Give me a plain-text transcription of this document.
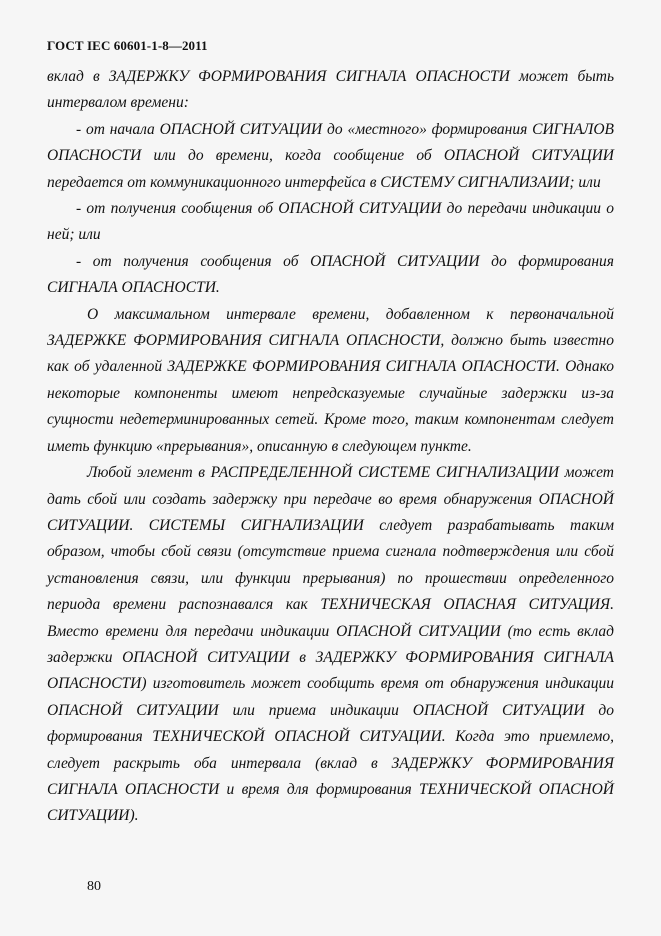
ГОСТ IEC 60601-1-8—2011
вклад в ЗАДЕРЖКУ ФОРМИРОВАНИЯ СИГНАЛА ОПАСНОСТИ может быть
интервалом времени:
- от начала ОПАСНОЙ СИТУАЦИИ до «местного» формирования СИГНАЛОВ
ОПАСНОСТИ или до времени, когда сообщение об ОПАСНОЙ СИТУАЦИИ
передается от коммуникационного интерфейса в СИСТЕМУ СИГНАЛИЗАИИ; или
- от получения сообщения об ОПАСНОЙ СИТУАЦИИ до передачи индикации о
ней; или
- от получения сообщения об ОПАСНОЙ СИТУАЦИИ до формирования
СИГНАЛА ОПАСНОСТИ.
О максимальном интервале времени, добавленном к первоначальной
ЗАДЕРЖКЕ ФОРМИРОВАНИЯ СИГНАЛА ОПАСНОСТИ, должно быть известно
как об удаленной ЗАДЕРЖКЕ ФОРМИРОВАНИЯ СИГНАЛА ОПАСНОСТИ. Однако
некоторые компоненты имеют непредсказуемые случайные задержки из-за
сущности недетерминированных сетей. Кроме того, таким компонентам следует
иметь функцию «прерывания», описанную в следующем пункте.
Любой элемент в РАСПРЕДЕЛЕННОЙ СИСТЕМЕ СИГНАЛИЗАЦИИ может
дать сбой или создать задержку при передаче во время обнаружения ОПАСНОЙ
СИТУАЦИИ. СИСТЕМЫ СИГНАЛИЗАЦИИ следует разрабатывать таким
образом, чтобы сбой связи (отсутствие приема сигнала подтверждения или сбой
установления связи, или функции прерывания) по прошествии определенного
периода времени распознавался как ТЕХНИЧЕСКАЯ ОПАСНАЯ СИТУАЦИЯ.
Вместо времени для передачи индикации ОПАСНОЙ СИТУАЦИИ (то есть вклад
задержки ОПАСНОЙ СИТУАЦИИ в ЗАДЕРЖКУ ФОРМИРОВАНИЯ СИГНАЛА
ОПАСНОСТИ) изготовитель может сообщить время от обнаружения индикации
ОПАСНОЙ СИТУАЦИИ или приема индикации ОПАСНОЙ СИТУАЦИИ до
формирования ТЕХНИЧЕСКОЙ ОПАСНОЙ СИТУАЦИИ. Когда это приемлемо,
следует раскрыть оба интервала (вклад в ЗАДЕРЖКУ ФОРМИРОВАНИЯ
СИГНАЛА ОПАСНОСТИ и время для формирования ТЕХНИЧЕСКОЙ ОПАСНОЙ
СИТУАЦИИ).
80
